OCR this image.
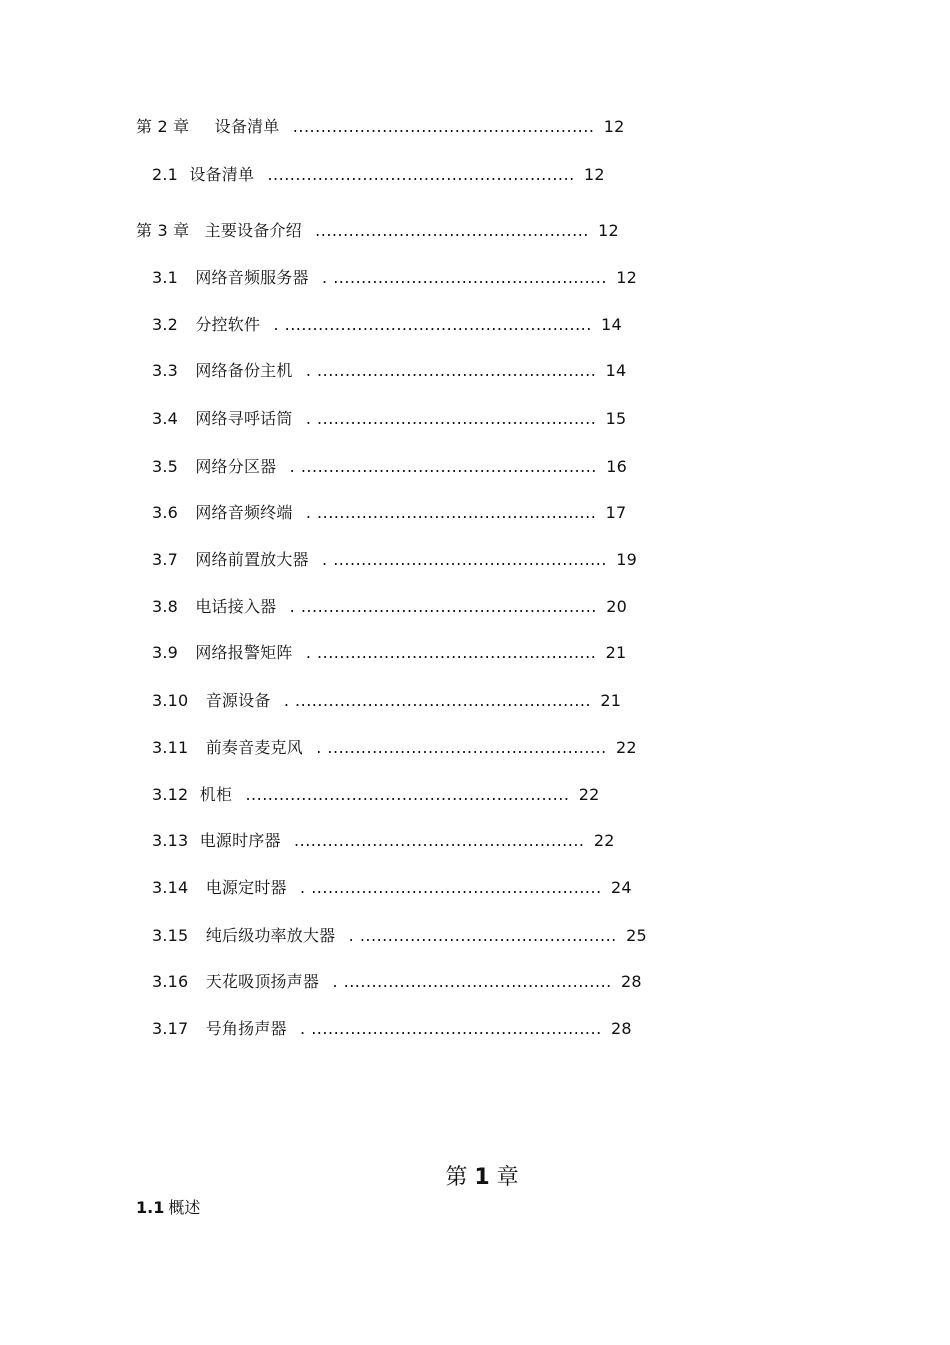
第 2 章 设备清单 ...................................................... 12
2.1 设备清单 ....................................................... 12
第 3 章 主要设备介绍 ................................................. 12
3.1 网络音频服务器 . ................................................. 12
3.2 分控软件 . ....................................................... 14
3.3 网络备份主机 . .................................................. 14
3.4 网络寻呼话筒 . .................................................. 15
3.5 网络分区器 . ..................................................... 16
3.6 网络音频终端 . .................................................. 17
3.7 网络前置放大器 . ................................................. 19
3.8 电话接入器 . ..................................................... 20
3.9 网络报警矩阵 . .................................................. 21
3.10 音源设备 . ..................................................... 21
3.11 前奏音麦克风 . .................................................. 22
3.12 机柜 .......................................................... 22
3.13 电源时序器 .................................................... 22
3.14 电源定时器 . .................................................... 24
3.15 纯后级功率放大器 . .............................................. 25
3.16 天花吸顶扬声器 . ................................................ 28
3.17 号角扬声器 . .................................................... 28
第 1 章
1.1 概述
